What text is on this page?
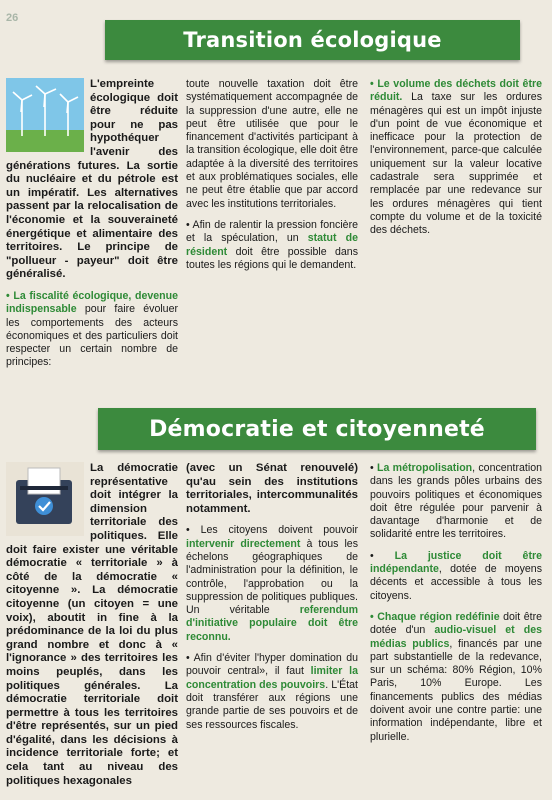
26
Transition écologique

L'empreinte écologique doit être réduite pour ne pas hypothéquer l'avenir des générations futures. La sortie du nucléaire et du pétrole est un impératif. Les alternatives passent par la relocalisation de l'économie et la souveraineté énergétique et alimentaire des territoires. Le principe de "pollueur - payeur" doit être généralisé.

• La fiscalité écologique, devenue indispensable pour faire évoluer les comportements des acteurs économiques et des particuliers doit respecter un certain nombre de principes:

toute nouvelle taxation doit être systématiquement accompagnée de la suppression d'une autre, elle ne peut être utilisée que pour le financement d'activités participant à la transition écologique, elle doit être adaptée à la diversité des territoires et aux problématiques sociales, elle ne peut être établie que par accord avec les institutions territoriales.

• Afin de ralentir la pression foncière et la spéculation, un statut de résident doit être possible dans toutes les régions qui le demandent.

• Le volume des déchets doit être réduit. La taxe sur les ordures ménagères qui est un impôt injuste d'un point de vue économique et inefficace pour la protection de l'environnement, parce-que calculée uniquement sur la valeur locative cadastrale sera supprimée et remplacée par une redevance sur les ordures ménagères qui tient compte du volume et de la toxicité des déchets.

Démocratie et citoyenneté

La démocratie représentative doit intégrer la dimension territoriale des politiques. Elle doit faire exister une véritable démocratie « territoriale » à côté de la démocratie « citoyenne ». La démocratie citoyenne (un citoyen = une voix), aboutit in fine à la prédominance de la loi du plus grand nombre et donc à « l'ignorance » des territoires les moins peuplés, dans les politiques générales. La démocratie territoriale doit permettre à tous les territoires d'être représentés, sur un pied d'égalité, dans les décisions à incidence territoriale forte; et cela tant au niveau des politiques hexagonales

(avec un Sénat renouvelé) qu'au sein des institutions territoriales, intercommunalités notamment.

• Les citoyens doivent pouvoir intervenir directement à tous les échelons géographiques de l'administration pour la définition, le contrôle, l'approbation ou la suppression de politiques publiques. Un véritable referendum d'initiative populaire doit être reconnu.

• Afin d'éviter l'hyper domination du pouvoir central», il faut limiter la concentration des pouvoirs. L'État doit transférer aux régions une grande partie de ses pouvoirs et de ses ressources fiscales.

• La métropolisation, concentration dans les grands pôles urbains des pouvoirs politiques et économiques doit être régulée pour parvenir à davantage d'harmonie et de solidarité entre les territoires.

• La justice doit être indépendante, dotée de moyens décents et accessible à tous les citoyens.

• Chaque région redéfinie doit être dotée d'un audio-visuel et des médias publics, financés par une part substantielle de la redevance, sur un schéma: 80% Région, 10% Paris, 10% Europe. Les financements publics des médias doivent avoir une contre partie: une information indépendante, libre et plurielle.
